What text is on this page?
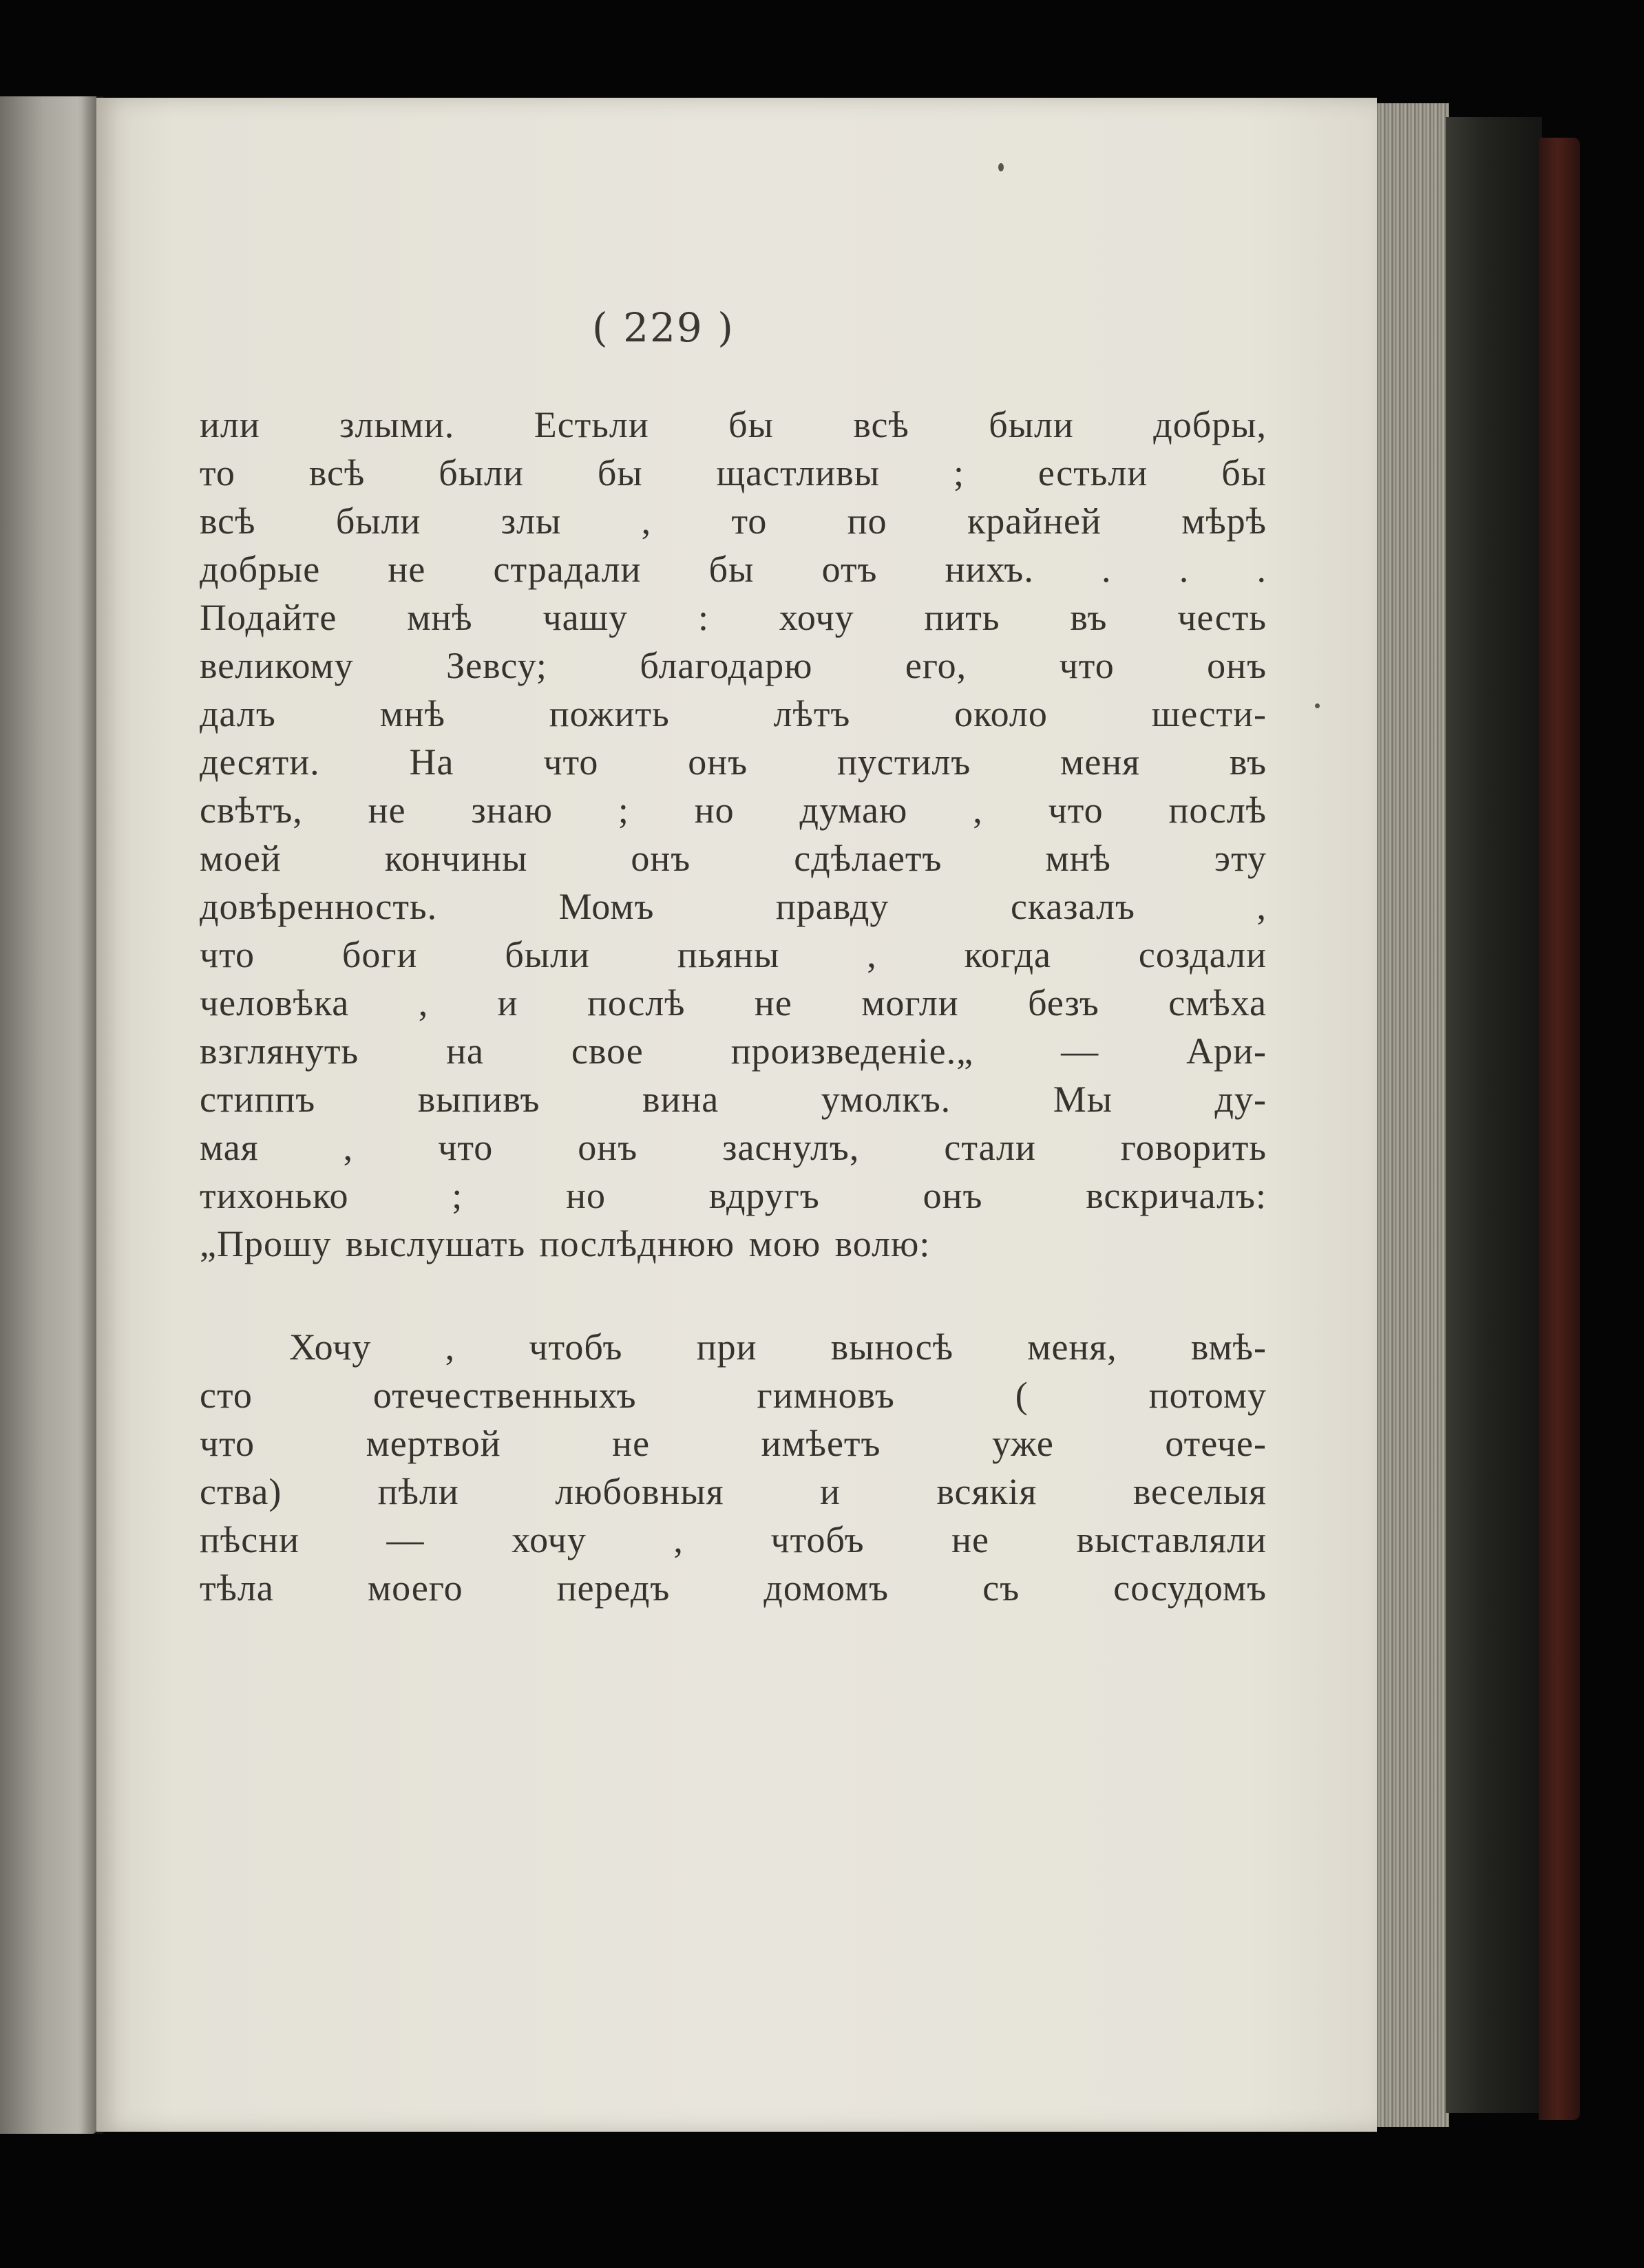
( 229 )
или злыми. Естьли бы всѣ были добры,
то всѣ были бы щастливы ; естьли бы
всѣ были злы , то по крайней мѣрѣ
добрые не страдали бы отъ нихъ. . . .
Подайте мнѣ чашу : хочу пить въ честь
великому Зевсу; благодарю его, что онъ
далъ мнѣ пожить лѣтъ около шести-
десяти. На что онъ пустилъ меня въ
свѣтъ, не знаю ; но думаю , что послѣ
моей кончины онъ сдѣлаетъ мнѣ эту
довѣренность. Момъ правду сказалъ ,
что боги были пьяны , когда создали
человѣка , и послѣ не могли безъ смѣха
взглянуть на свое произведеніе.„ — Ари-
стиппъ выпивъ вина умолкъ. Мы ду-
мая , что онъ заснулъ, стали говорить
тихонько ; но вдругъ онъ вскричалъ:
„Прошу выслушать послѣднюю мою волю:
Хочу , чтобъ при выносѣ меня, вмѣ-
сто отечественныхъ гимновъ ( потому
что мертвой не имѣетъ уже отече-
ства) пѣли любовныя и всякія веселыя
пѣсни — хочу , чтобъ не выставляли
тѣла моего передъ домомъ съ сосудомъ
